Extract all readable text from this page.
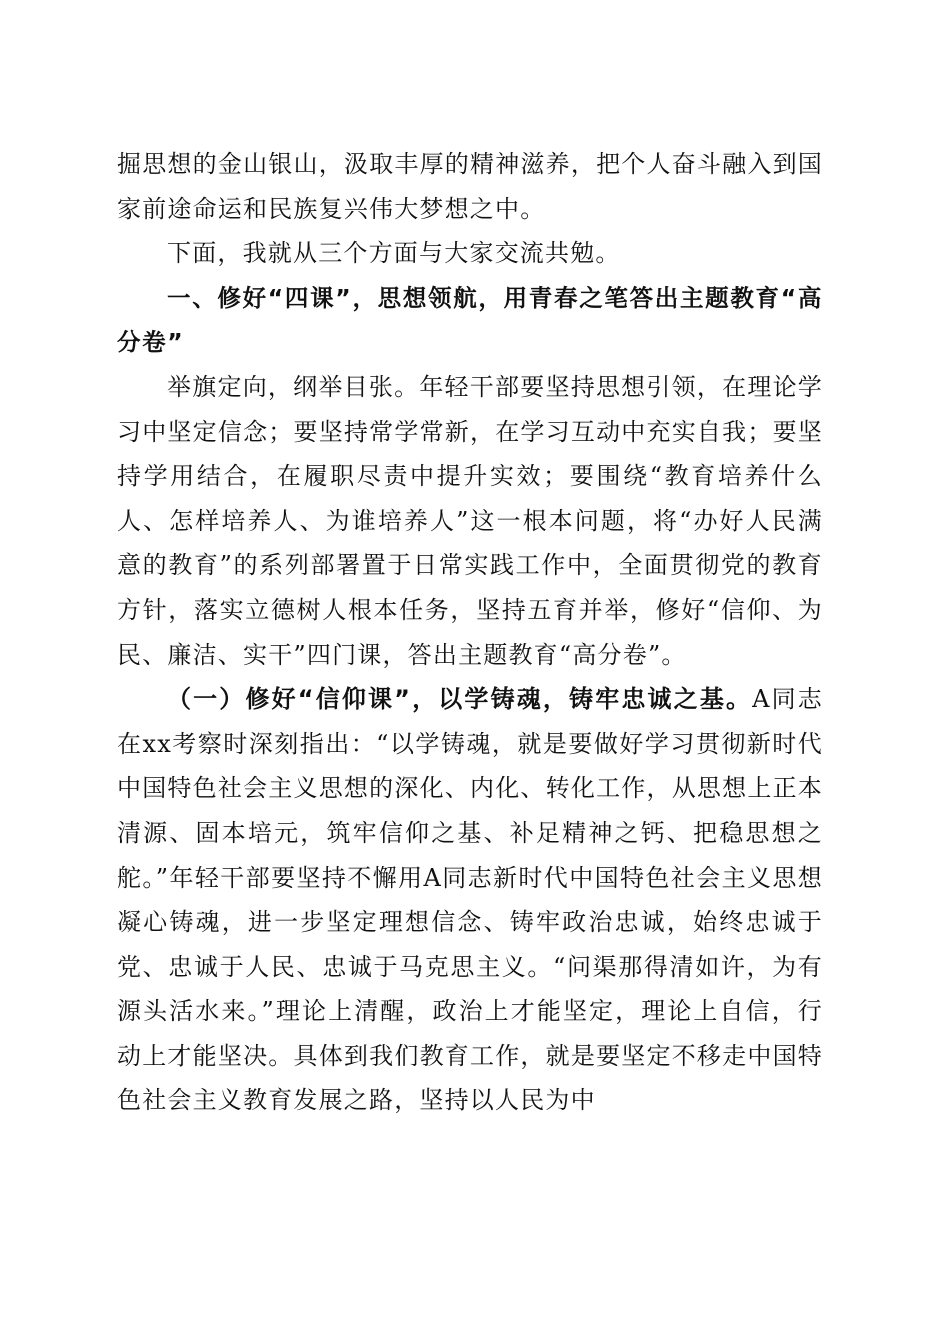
掘思想的金山银山，汲取丰厚的精神滋养，把个人奋斗融入到国家前途命运和民族复兴伟大梦想之中。

下面，我就从三个方面与大家交流共勉。

一、修好“四课”，思想领航，用青春之笔答出主题教育“高分卷”

举旗定向，纲举目张。年轻干部要坚持思想引领，在理论学习中坚定信念；要坚持常学常新，在学习互动中充实自我；要坚持学用结合，在履职尽责中提升实效；要围绕“教育培养什么人、怎样培养人、为谁培养人”这一根本问题，将“办好人民满意的教育”的系列部署置于日常实践工作中，全面贯彻党的教育方针，落实立德树人根本任务，坚持五育并举，修好“信仰、为民、廉洁、实干”四门课，答出主题教育“高分卷”。

（一）修好“信仰课”，以学铸魂，铸牢忠诚之基。A同志在xx考察时深刻指出：“以学铸魂，就是要做好学习贯彻新时代中国特色社会主义思想的深化、内化、转化工作，从思想上正本清源、固本培元，筑牢信仰之基、补足精神之钙、把稳思想之舵。”年轻干部要坚持不懈用A同志新时代中国特色社会主义思想凝心铸魂，进一步坚定理想信念、铸牢政治忠诚，始终忠诚于党、忠诚于人民、忠诚于马克思主义。“问渠那得清如许，为有源头活水来。”理论上清醒，政治上才能坚定，理论上自信，行动上才能坚决。具体到我们教育工作，就是要坚定不移走中国特色社会主义教育发展之路，坚持以人民为中
